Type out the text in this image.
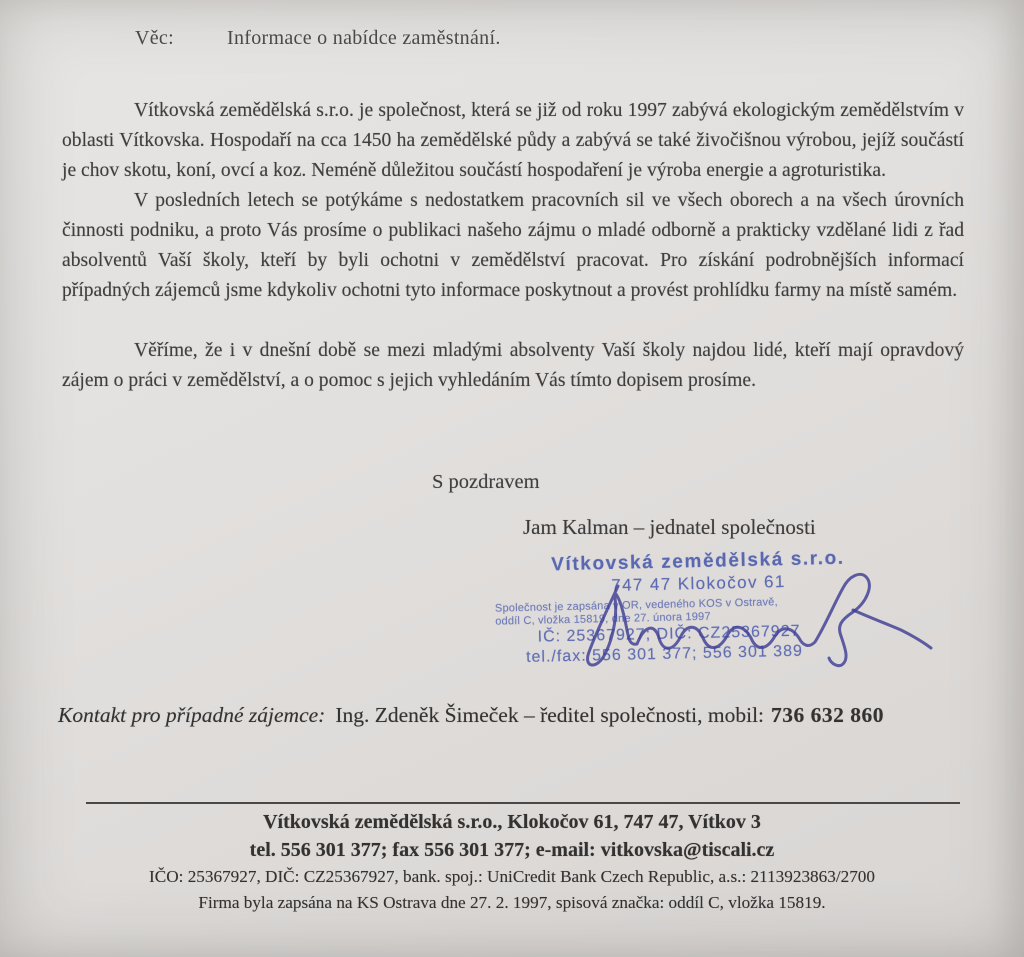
Věc:	Informace o nabídce zaměstnání.

Vítkovská zemědělská s.r.o. je společnost, která se již od roku 1997 zabývá ekologickým zemědělstvím v oblasti Vítkovska. Hospodaří na cca 1450 ha zemědělské půdy a zabývá se také živočišnou výrobou, jejíž součástí je chov skotu, koní, ovcí a koz. Neméně důležitou součástí hospodaření je výroba energie a agroturistika.

V posledních letech se potýkáme s nedostatkem pracovních sil ve všech oborech a na všech úrovních činnosti podniku, a proto Vás prosíme o publikaci našeho zájmu o mladé odborně a prakticky vzdělané lidi z řad absolventů Vaší školy, kteří by byli ochotni v zemědělství pracovat. Pro získání podrobnějších informací případných zájemců jsme kdykoliv ochotni tyto informace poskytnout a provést prohlídku farmy na místě samém.

Věříme, že i v dnešní době se mezi mladými absolventy Vaší školy najdou lidé, kteří mají opravdový zájem o práci v zemědělství, a o pomoc s jejich vyhledáním Vás tímto dopisem prosíme.

S pozdravem
Jam Kalman – jednatel společnosti
Vítkovská zemědělská s.r.o.
747 47 Klokočov 61
Společnost je zapsána v OR, vedeného KOS v Ostravě,
oddíl C, vložka 15819, dne 27. února 1997
IČ: 25367927; DIČ: CZ25367927
tel./fax: 556 301 377; 556 301 389
Kontakt pro případné zájemce: Ing. Zdeněk Šimeček – ředitel společnosti, mobil: 736 632 860
Vítkovská zemědělská s.r.o., Klokočov 61, 747 47, Vítkov 3
tel. 556 301 377; fax 556 301 377; e-mail: vitkovska@tiscali.cz
IČO: 25367927, DIČ: CZ25367927, bank. spoj.: UniCredit Bank Czech Republic, a.s.: 2113923863/2700
Firma byla zapsána na KS Ostrava dne 27. 2. 1997, spisová značka: oddíl C, vložka 15819.
